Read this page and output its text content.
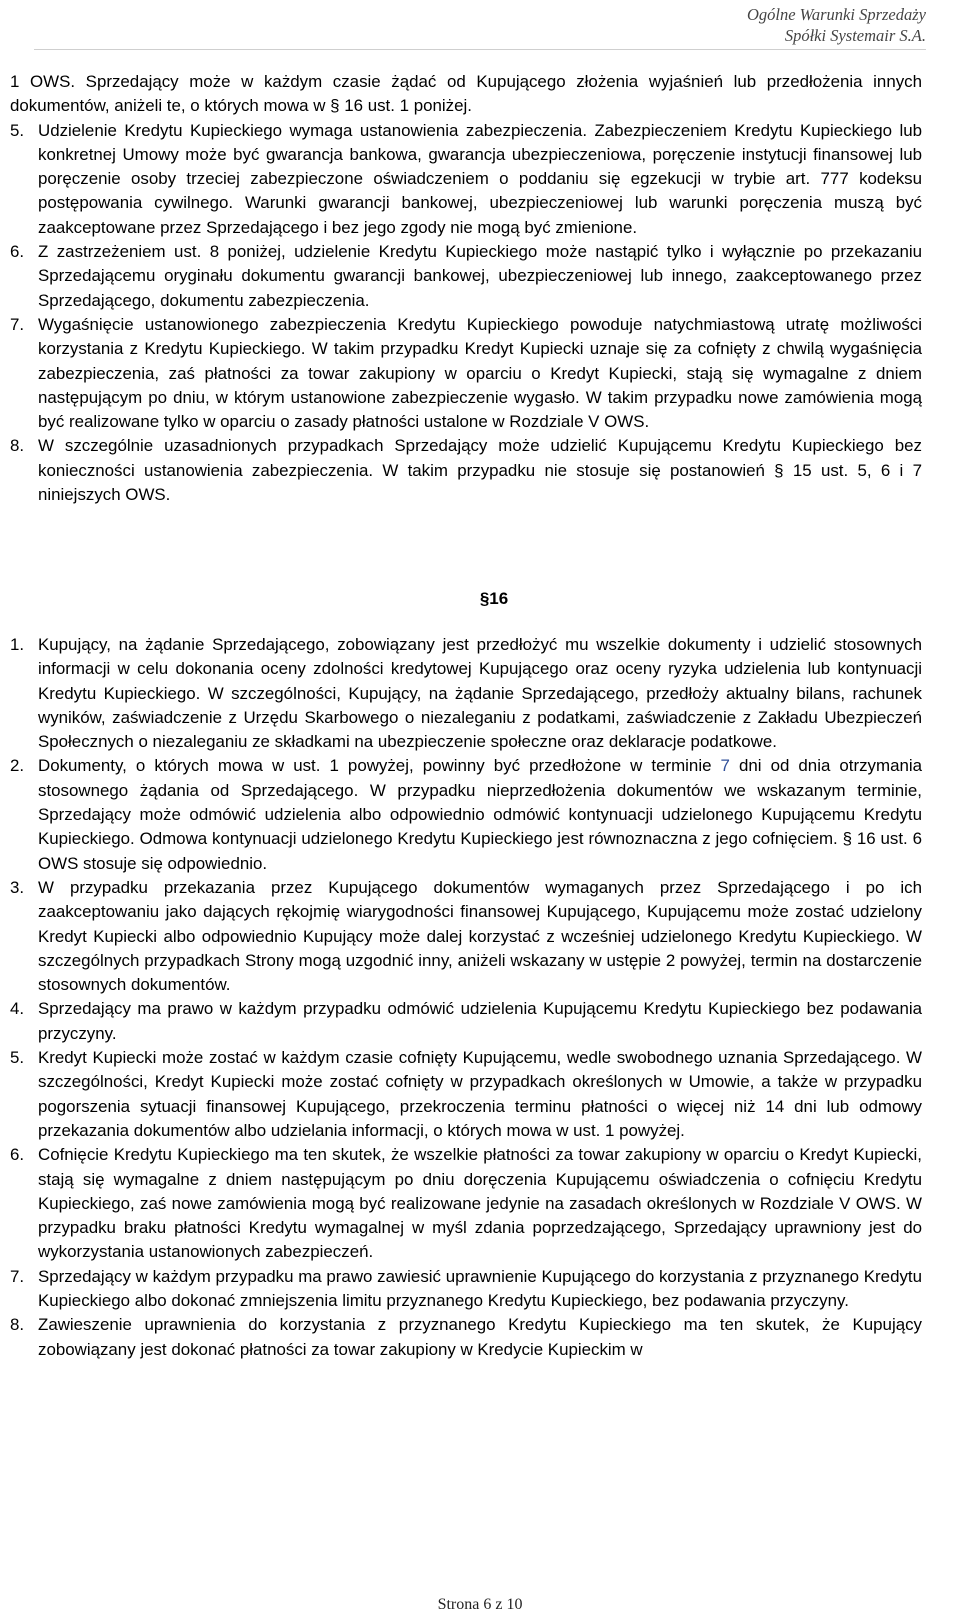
Ogólne Warunki Sprzedaży
Spółki Systemair S.A.
1 OWS. Sprzedający może w każdym czasie żądać od Kupującego złożenia wyjaśnień lub przedłożenia innych dokumentów, aniżeli te, o których mowa w § 16 ust. 1 poniżej.
5. Udzielenie Kredytu Kupieckiego wymaga ustanowienia zabezpieczenia. Zabezpieczeniem Kredytu Kupieckiego lub konkretnej Umowy może być gwarancja bankowa, gwarancja ubezpieczeniowa, poręczenie instytucji finansowej lub poręczenie osoby trzeciej zabezpieczone oświadczeniem o poddaniu się egzekucji w trybie art. 777 kodeksu postępowania cywilnego. Warunki gwarancji bankowej, ubezpieczeniowej lub warunki poręczenia muszą być zaakceptowane przez Sprzedającego i bez jego zgody nie mogą być zmienione.
6. Z zastrzeżeniem ust. 8 poniżej, udzielenie Kredytu Kupieckiego może nastąpić tylko i wyłącznie po przekazaniu Sprzedającemu oryginału dokumentu gwarancji bankowej, ubezpieczeniowej lub innego, zaakceptowanego przez Sprzedającego, dokumentu zabezpieczenia.
7. Wygaśnięcie ustanowionego zabezpieczenia Kredytu Kupieckiego powoduje natychmiastową utratę możliwości korzystania z Kredytu Kupieckiego. W takim przypadku Kredyt Kupiecki uznaje się za cofnięty z chwilą wygaśnięcia zabezpieczenia, zaś płatności za towar zakupiony w oparciu o Kredyt Kupiecki, stają się wymagalne z dniem następującym po dniu, w którym ustanowione zabezpieczenie wygasło. W takim przypadku nowe zamówienia mogą być realizowane tylko w oparciu o zasady płatności ustalone w Rozdziale V OWS.
8. W szczególnie uzasadnionych przypadkach Sprzedający może udzielić Kupującemu Kredytu Kupieckiego bez konieczności ustanowienia zabezpieczenia. W takim przypadku nie stosuje się postanowień § 15 ust. 5, 6 i 7 niniejszych OWS.
§16
1. Kupujący, na żądanie Sprzedającego, zobowiązany jest przedłożyć mu wszelkie dokumenty i udzielić stosownych informacji w celu dokonania oceny zdolności kredytowej Kupującego oraz oceny ryzyka udzielenia lub kontynuacji Kredytu Kupieckiego. W szczególności, Kupujący, na żądanie Sprzedającego, przedłoży aktualny bilans, rachunek wyników, zaświadczenie z Urzędu Skarbowego o niezaleganiu z podatkami, zaświadczenie z Zakładu Ubezpieczeń Społecznych o niezaleganiu ze składkami na ubezpieczenie społeczne oraz deklaracje podatkowe.
2. Dokumenty, o których mowa w ust. 1 powyżej, powinny być przedłożone w terminie 7 dni od dnia otrzymania stosownego żądania od Sprzedającego. W przypadku nieprzedłożenia dokumentów we wskazanym terminie, Sprzedający może odmówić udzielenia albo odpowiednio odmówić kontynuacji udzielonego Kupującemu Kredytu Kupieckiego. Odmowa kontynuacji udzielonego Kredytu Kupieckiego jest równoznaczna z jego cofnięciem. § 16 ust. 6 OWS stosuje się odpowiednio.
3. W przypadku przekazania przez Kupującego dokumentów wymaganych przez Sprzedającego i po ich zaakceptowaniu jako dających rękojmię wiarygodności finansowej Kupującego, Kupującemu może zostać udzielony Kredyt Kupiecki albo odpowiednio Kupujący może dalej korzystać z wcześniej udzielonego Kredytu Kupieckiego. W szczególnych przypadkach Strony mogą uzgodnić inny, aniżeli wskazany w ustępie 2 powyżej, termin na dostarczenie stosownych dokumentów.
4. Sprzedający ma prawo w każdym przypadku odmówić udzielenia Kupującemu Kredytu Kupieckiego bez podawania przyczyny.
5. Kredyt Kupiecki może zostać w każdym czasie cofnięty Kupującemu, wedle swobodnego uznania Sprzedającego. W szczególności, Kredyt Kupiecki może zostać cofnięty w przypadkach określonych w Umowie, a także w przypadku pogorszenia sytuacji finansowej Kupującego, przekroczenia terminu płatności o więcej niż 14 dni lub odmowy przekazania dokumentów albo udzielania informacji, o których mowa w ust. 1 powyżej.
6. Cofnięcie Kredytu Kupieckiego ma ten skutek, że wszelkie płatności za towar zakupiony w oparciu o Kredyt Kupiecki, stają się wymagalne z dniem następującym po dniu doręczenia Kupującemu oświadczenia o cofnięciu Kredytu Kupieckiego, zaś nowe zamówienia mogą być realizowane jedynie na zasadach określonych w Rozdziale V OWS. W przypadku braku płatności Kredytu wymagalnej w myśl zdania poprzedzającego, Sprzedający uprawniony jest do wykorzystania ustanowionych zabezpieczeń.
7. Sprzedający w każdym przypadku ma prawo zawiesić uprawnienie Kupującego do korzystania z przyznanego Kredytu Kupieckiego albo dokonać zmniejszenia limitu przyznanego Kredytu Kupieckiego, bez podawania przyczyny.
8. Zawieszenie uprawnienia do korzystania z przyznanego Kredytu Kupieckiego ma ten skutek, że Kupujący zobowiązany jest dokonać płatności za towar zakupiony w Kredycie Kupieckim w
Strona 6 z 10
